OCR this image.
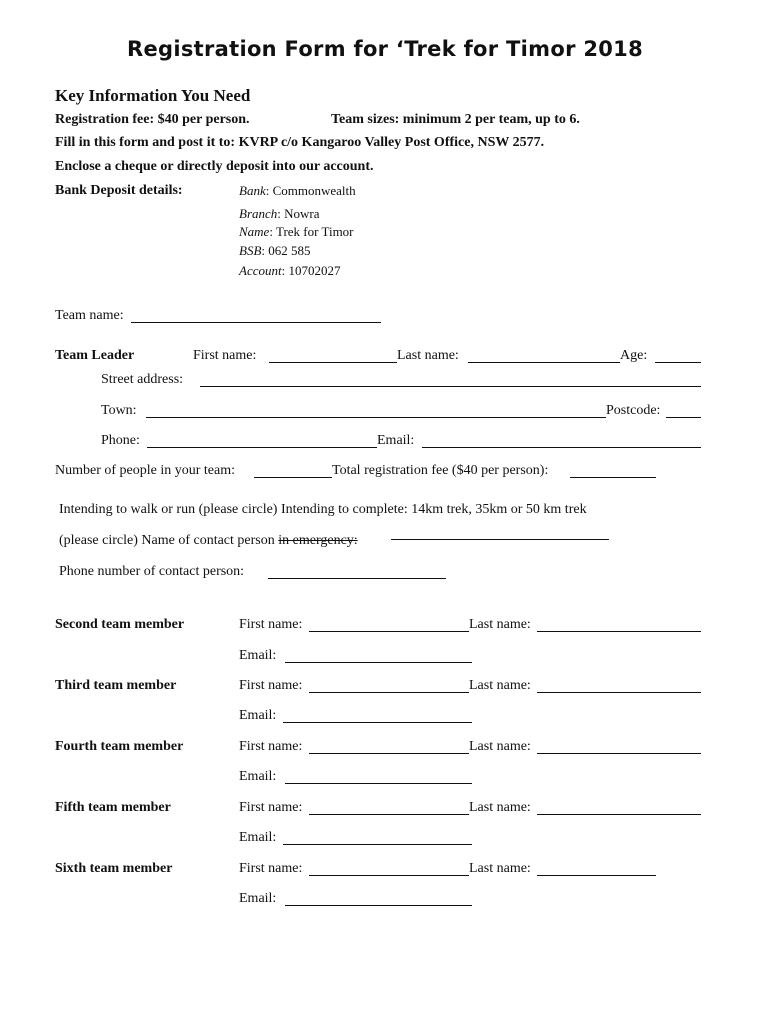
Registration Form for ‘Trek for Timor 2018
Key Information You Need
Registration fee: $40 per person.	Team sizes: minimum 2 per team, up to 6.
Fill in this form and post it to: KVRP c/o Kangaroo Valley Post Office, NSW 2577.
Enclose a cheque or directly deposit into our account.
Bank Deposit details:	Bank: Commonwealth
Branch: Nowra
Name: Trek for Timor
BSB: 062 585
Account: 10702027
Team name:
Team Leader	First name:	Last name:	Age:
Street address:
Town:	Postcode:
Phone:	Email:
Number of people in your team:	Total registration fee ($40 per person):
Intending to walk or run (please circle) Intending to complete: 14km trek, 35km or 50 km trek
(please circle) Name of contact person in emergency:
Phone number of contact person:
Second team member	First name:	Last name:
Email:
Third team member	First name:	Last name:
Email:
Fourth team member	First name:	Last name:
Email:
Fifth team member	First name:	Last name:
Email:
Sixth team member	First name:	Last name:
Email:
